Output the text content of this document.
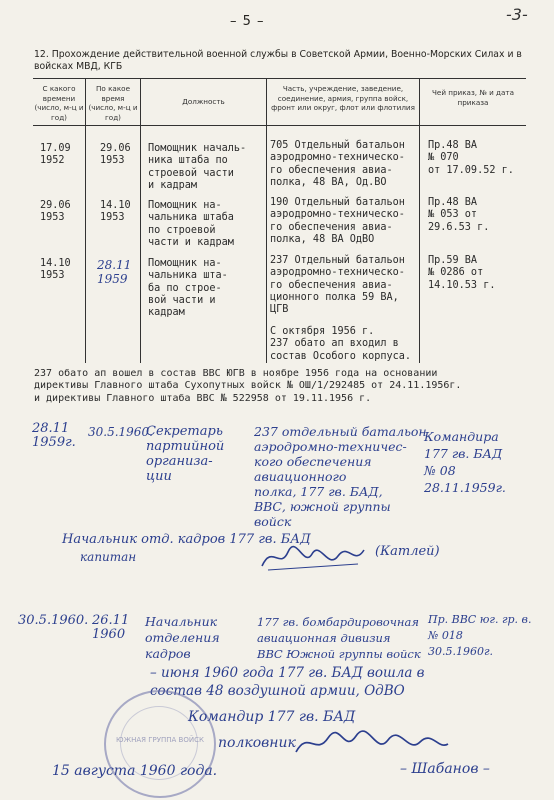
– 5 –	-3-
12. Прохождение действительной военной службы в Советской Армии, Военно-Морских Силах и в войсках МВД, КГБ
С какого времени (число, м-ц и год)
По какое время (число, м-ц и год)
Должность
Часть, учреждение, заведение, соединение, армия, группа войск, фронт или округ, флот или флотилия
Чей приказ, № и дата приказа
17.09
1952
29.06
1953
Помощник началь-
ника штаба по
строевой части
и кадрам
705 Отдельный батальон
аэродромно-техническо-
го обеспечения авиа-
полка, 48 ВА, Од.ВО
Пр.48 ВА
№ 070
от 17.09.52 г.
29.06
1953
14.10
1953
Помощник на-
чальника штаба
по строевой
части и кадрам
190 Отдельный батальон
аэродромно-техническо-
го обеспечения авиа-
полка, 48 ВА ОдВО
Пр.48 ВА
№ 053 от
29.6.53 г.
14.10
1953
28.11
1959
Помощник на-
чальника шта-
ба по строе-
вой части и
кадрам
237 Отдельный батальон
аэродромно-техническо-
го обеспечения авиа-
ционного полка 59 ВА,
ЦГВ
Пр.59 ВА
№ 0286 от
14.10.53 г.
С октября 1956 г.
237 обато ап входил в
состав Особого корпуса.
237 обато ап вошел в состав ВВС ЮГВ в ноябре 1956 года на основании
директивы Главного штаба Сухопутных войск № ОШ/1/292485 от 24.11.1956г.
и директивы Главного штаба ВВС № 522958 от 19.11.1956 г.
28.11
1959г.
30.5.1960.
Секретарь
партийной
организа-
ции
237 отдельный батальон
аэродромно-техничес-
кого обеспечения
авиационного
полка, 177 гв. БАД,
ВВС, южной группы
войск
Командира
177 гв. БАД
№ 08
28.11.1959г.
Начальник отд. кадров 177 гв. БАД
капитан	(Катлей)
30.5.1960. 26.11
1960
Начальник
отделения
кадров
177 гв. бомбардировочная
авиационная дивизия
ВВС Южной группы войск
Пр. ВВС юг. гр. в.
№ 018
30.5.1960г.
– июня 1960 года 177 гв. БАД вошла в
состав 48 воздушной армии, ОдВО
ЮЖНАЯ ГРУППА ВОЙСК
Командир 177 гв. БАД
полковник
– Шабанов –
15 августа 1960 года.
